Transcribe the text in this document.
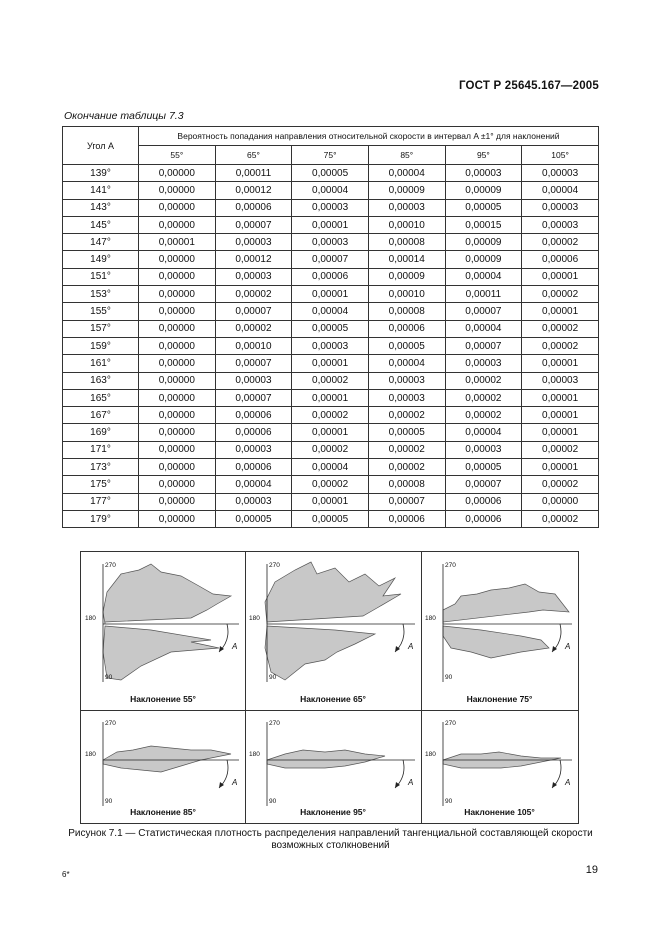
ГОСТ Р 25645.167—2005
Окончание таблицы 7.3
Угол A	Вероятность попадания направления относительной скорости в интервал A ±1° для наклонений					
	55°	65°	75°	85°	95°	105°
139°	0,00000	0,00011	0,00005	0,00004	0,00003	0,00003
141°	0,00000	0,00012	0,00004	0,00009	0,00009	0,00004
143°	0,00000	0,00006	0,00003	0,00003	0,00005	0,00003
145°	0,00000	0,00007	0,00001	0,00010	0,00015	0,00003
147°	0,00001	0,00003	0,00003	0,00008	0,00009	0,00002
149°	0,00000	0,00012	0,00007	0,00014	0,00009	0,00006
151°	0,00000	0,00003	0,00006	0,00009	0,00004	0,00001
153°	0,00000	0,00002	0,00001	0,00010	0,00011	0,00002
155°	0,00000	0,00007	0,00004	0,00008	0,00007	0,00001
157°	0,00000	0,00002	0,00005	0,00006	0,00004	0,00002
159°	0,00000	0,00010	0,00003	0,00005	0,00007	0,00002
161°	0,00000	0,00007	0,00001	0,00004	0,00003	0,00001
163°	0,00000	0,00003	0,00002	0,00003	0,00002	0,00003
165°	0,00000	0,00007	0,00001	0,00003	0,00002	0,00001
167°	0,00000	0,00006	0,00002	0,00002	0,00002	0,00001
169°	0,00000	0,00006	0,00001	0,00005	0,00004	0,00001
171°	0,00000	0,00003	0,00002	0,00002	0,00003	0,00002
173°	0,00000	0,00006	0,00004	0,00002	0,00005	0,00001
175°	0,00000	0,00004	0,00002	0,00008	0,00007	0,00002
177°	0,00000	0,00003	0,00001	0,00007	0,00006	0,00000
179°	0,00000	0,00005	0,00005	0,00006	0,00006	0,00002
270
180
90
A
Наклонение 55°
270
180
90
A
Наклонение 65°
270
180
90
A
Наклонение 75°
270
180
90
A
Наклонение 85°
270
180
90
A
Наклонение 95°
270
180
90
A
Наклонение 105°
Рисунок 7.1 — Статистическая плотность распределения направлений тангенциальной составляющей скорости
возможных столкновений
6*	19
